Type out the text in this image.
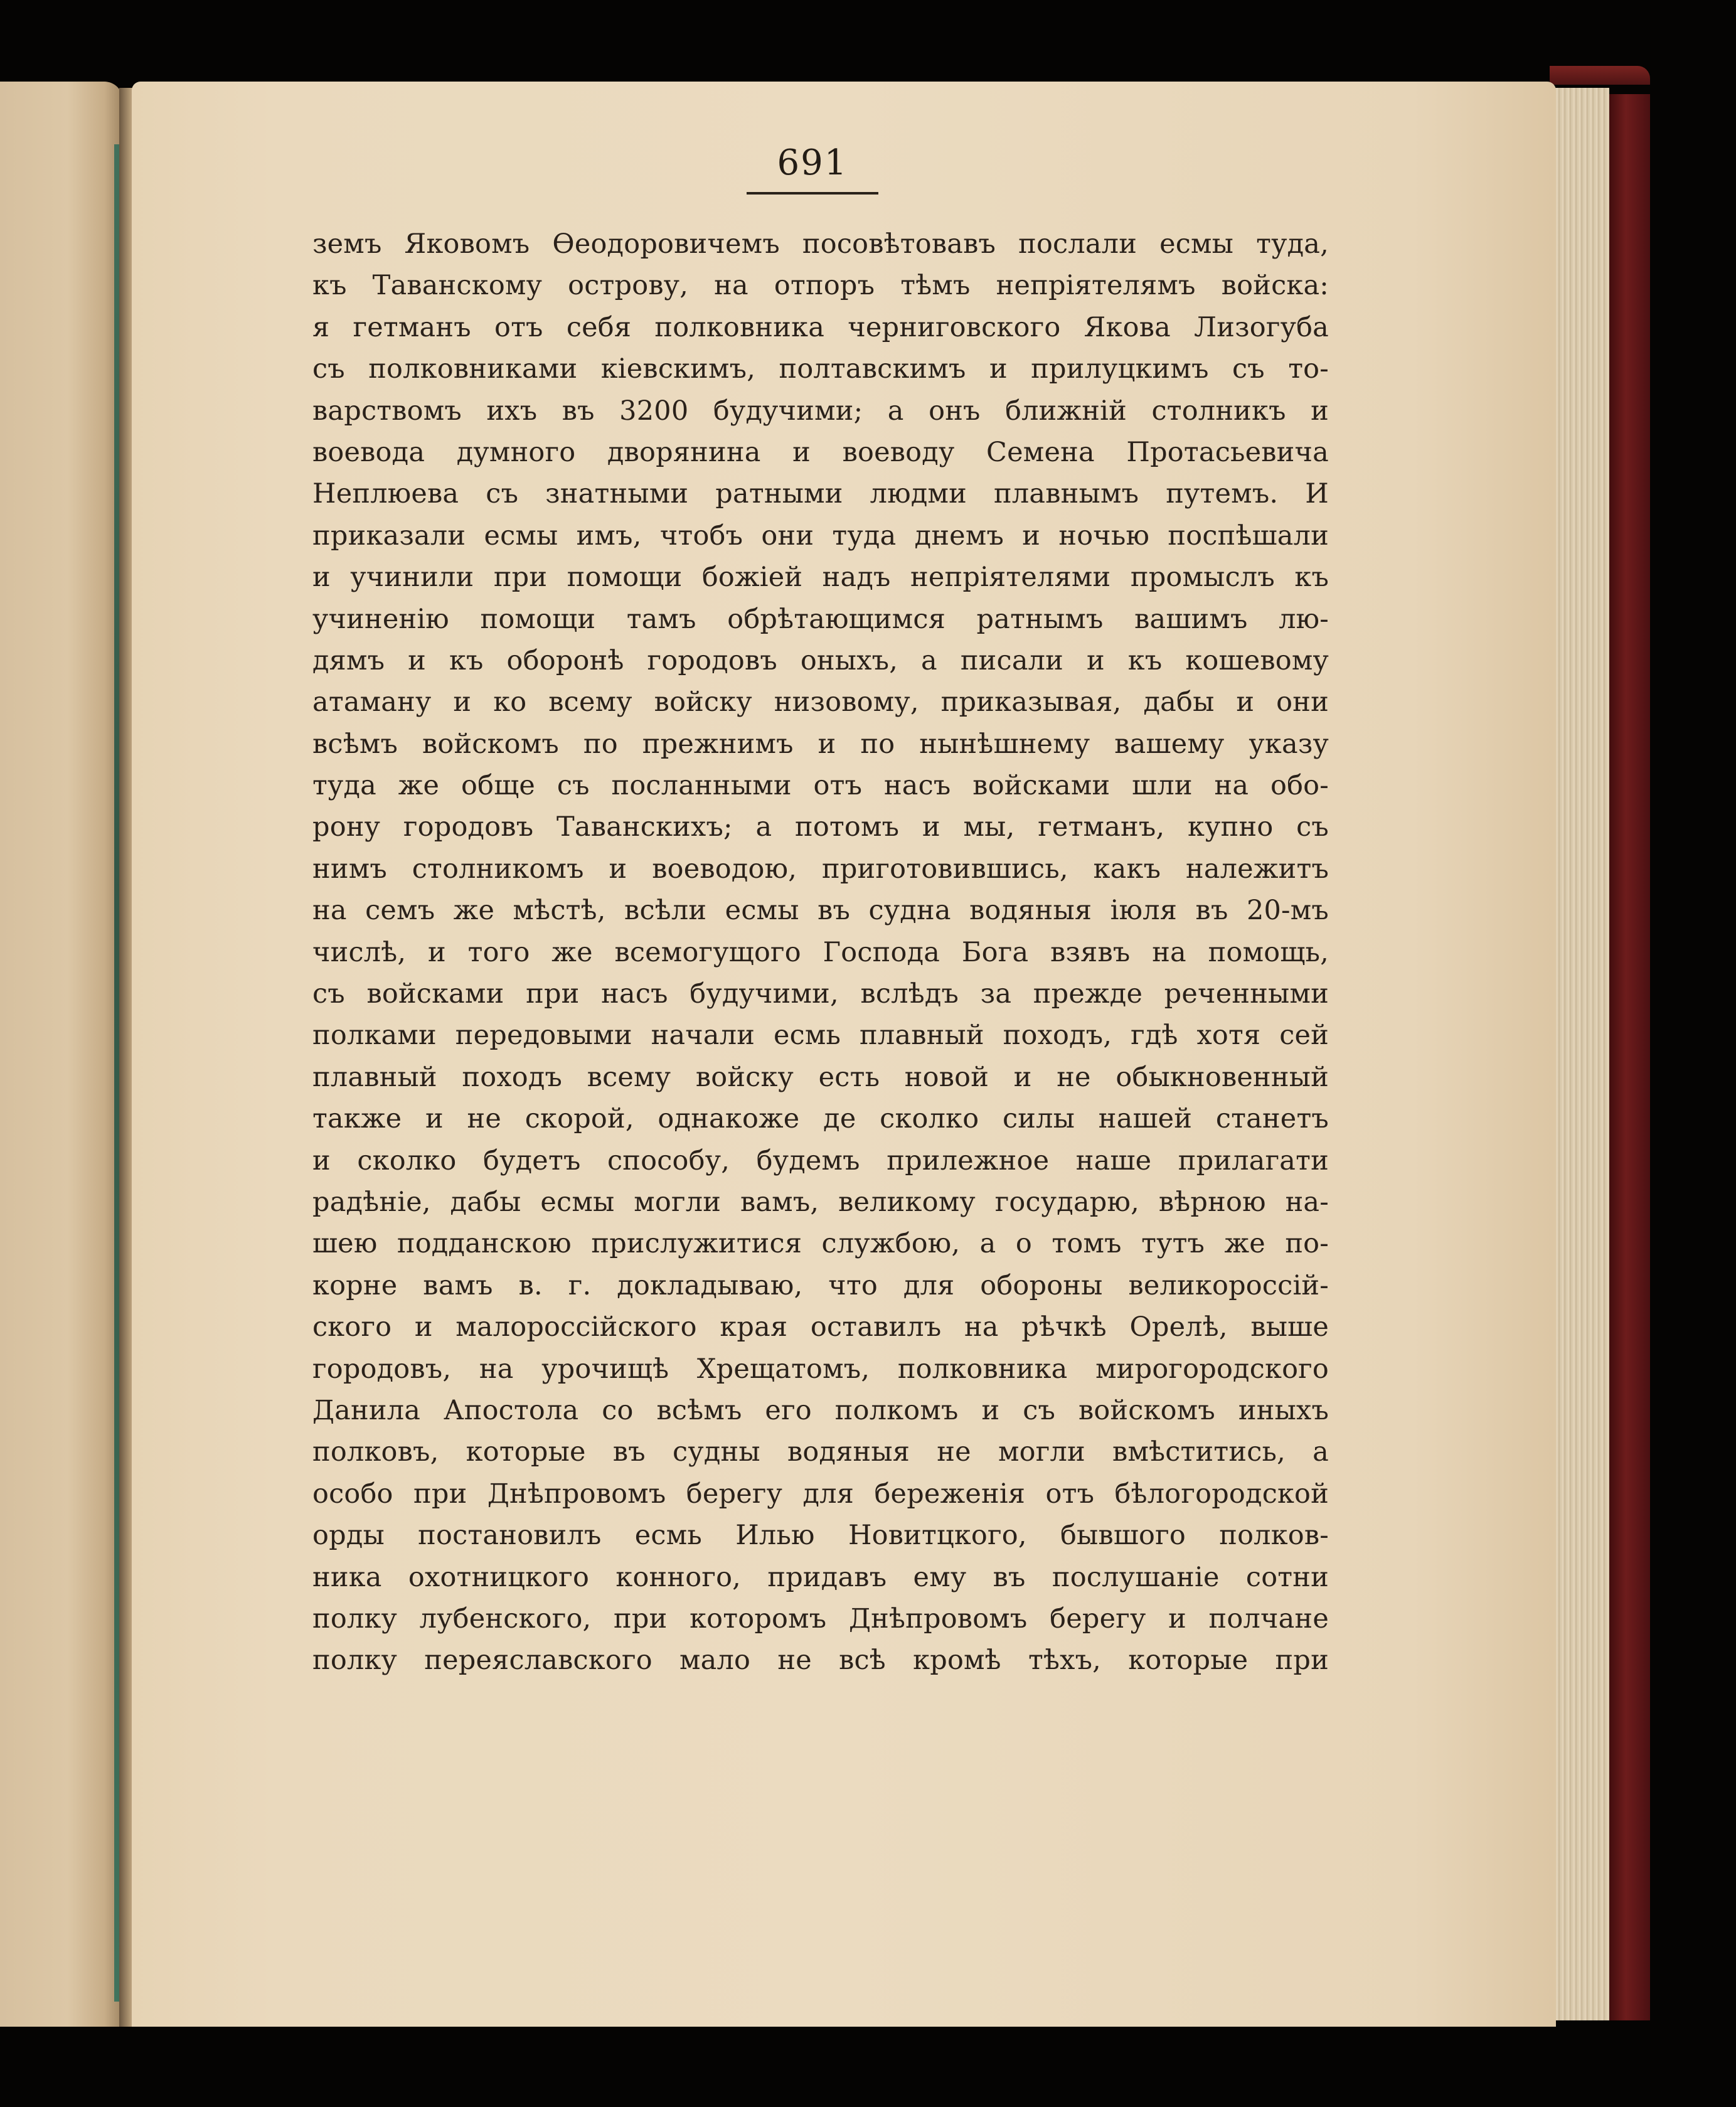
691
земъ Яковомъ Ѳеодоровичемъ посовѣтовавъ послали есмы туда,
къ Таванскому острову, на отпоръ тѣмъ непріятелямъ войска:
я гетманъ отъ себя полковника черниговского Якова Лизогуба
съ полковниками кіевскимъ, полтавскимъ и прилуцкимъ съ то-
варствомъ ихъ въ 3200 будучими; а онъ ближній столникъ и
воевода думного дворянина и воеводу Семена Протасьевича
Неплюева съ знатными ратными людми плавнымъ путемъ. И
приказали есмы имъ, чтобъ они туда днемъ и ночью поспѣшали
и учинили при помощи божіей надъ непріятелями промыслъ къ
учиненію помощи тамъ обрѣтающимся ратнымъ вашимъ лю-
дямъ и къ оборонѣ городовъ оныхъ, а писали и къ кошевому
атаману и ко всему войску низовому, приказывая, дабы и они
всѣмъ войскомъ по прежнимъ и по нынѣшнему вашему указу
туда же обще съ посланными отъ насъ войсками шли на обо-
рону городовъ Таванскихъ; а потомъ и мы, гетманъ, купно съ
нимъ столникомъ и воеводою, приготовившись, какъ належитъ
на семъ же мѣстѣ, всѣли есмы въ судна водяныя іюля въ 20-мъ
числѣ, и того же всемогущого Господа Бога взявъ на помощь,
съ войсками при насъ будучими, вслѣдъ за прежде реченными
полками передовыми начали есмь плавный походъ, гдѣ хотя сей
плавный походъ всему войску есть новой и не обыкновенный
также и не скорой, однакоже де сколко силы нашей станетъ
и сколко будетъ способу, будемъ прилежное наше прилагати
радѣніе, дабы есмы могли вамъ, великому государю, вѣрною на-
шею подданскою прислужитися службою, а о томъ тутъ же по-
корне вамъ в. г. докладываю, что для обороны великороссій-
ского и малороссійского края оставилъ на рѣчкѣ Орелѣ, выше
городовъ, на урочищѣ Хрещатомъ, полковника мирогородского
Данила Апостола со всѣмъ его полкомъ и съ войскомъ иныхъ
полковъ, которые въ судны водяныя не могли вмѣститись, а
особо при Днѣпровомъ берегу для береженія отъ бѣлогородской
орды постановилъ есмь Илью Новитцкого, бывшого полков-
ника охотницкого конного, придавъ ему въ послушаніе сотни
полку лубенского, при которомъ Днѣпровомъ берегу и полчане
полку переяславского мало не всѣ кромѣ тѣхъ, которые при
